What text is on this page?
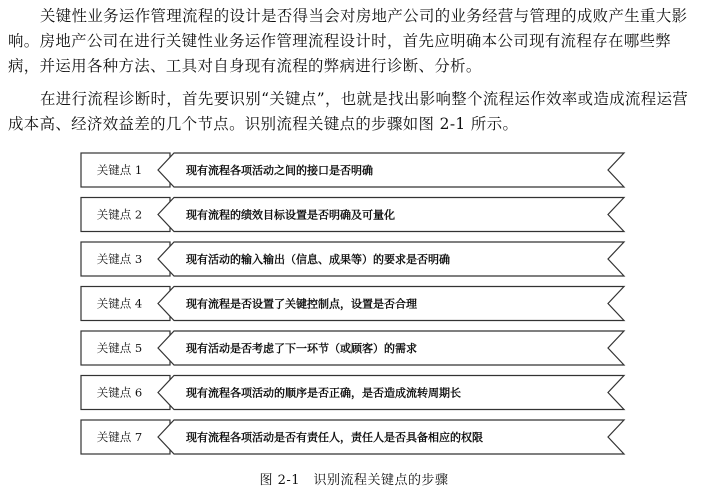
关键性业务运作管理流程的设计是否得当会对房地产公司的业务经营与管理的成败产生重大影响。房地产公司在进行关键性业务运作管理流程设计时，首先应明确本公司现有流程存在哪些弊病，并运用各种方法、工具对自身现有流程的弊病进行诊断、分析。

在进行流程诊断时，首先要识别“关键点”，也就是找出影响整个流程运作效率或造成流程运营成本高、经济效益差的几个节点。识别流程关键点的步骤如图 2-1 所示。

关键点 1	现有流程各项活动之间的接口是否明确
关键点 2	现有流程的绩效目标设置是否明确及可量化
关键点 3	现有活动的输入输出（信息、成果等）的要求是否明确
关键点 4	现有流程是否设置了关键控制点，设置是否合理
关键点 5	现有活动是否考虑了下一环节（或顾客）的需求
关键点 6	现有流程各项活动的顺序是否正确，是否造成流转周期长
关键点 7	现有流程各项活动是否有责任人，责任人是否具备相应的权限
图 2-1　识别流程关键点的步骤
